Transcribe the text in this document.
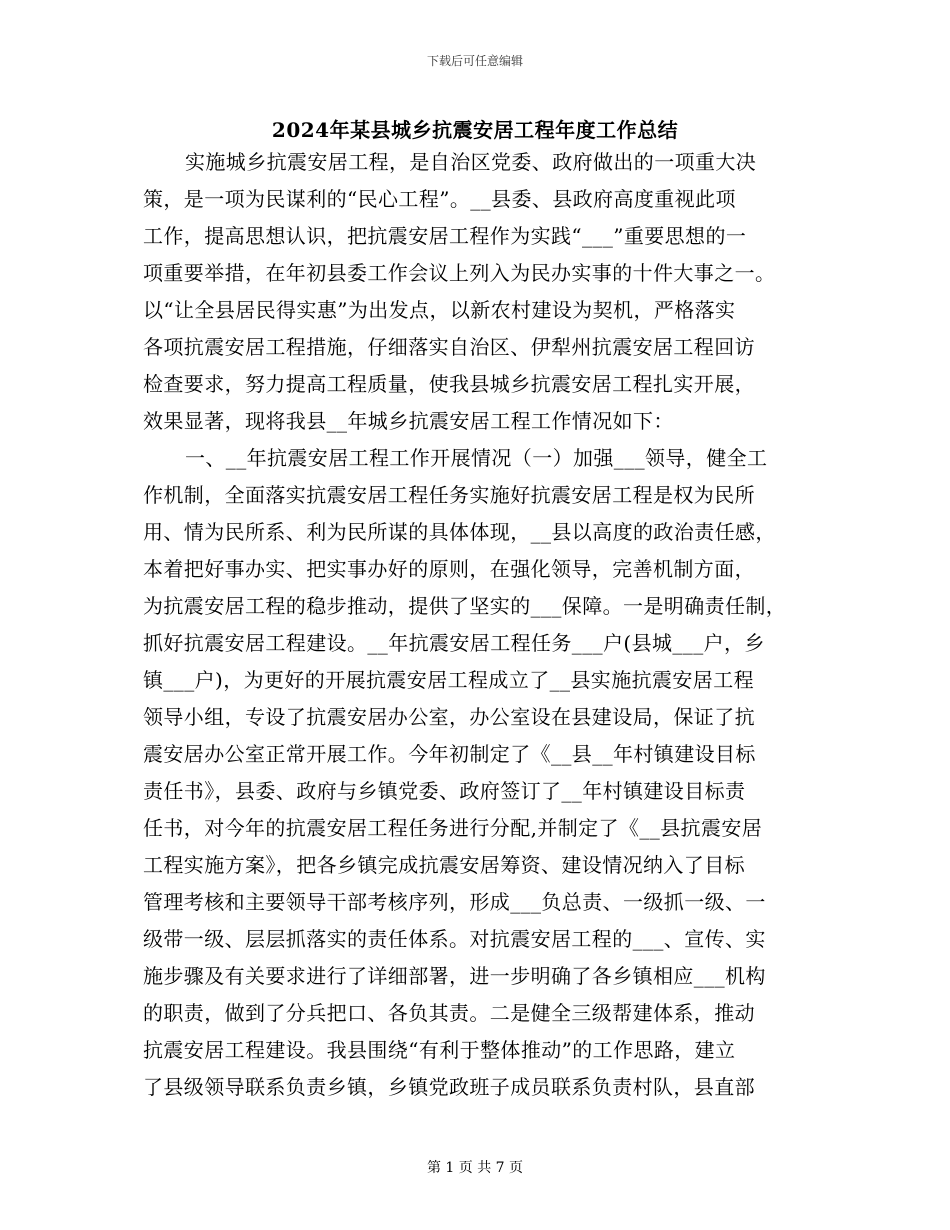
下载后可任意编辑
2024年某县城乡抗震安居工程年度工作总结
实施城乡抗震安居工程，是自治区党委、政府做出的一项重大决
策，是一项为民谋利的“民心工程”。__县委、县政府高度重视此项
工作，提高思想认识，把抗震安居工程作为实践“___”重要思想的一
项重要举措，在年初县委工作会议上列入为民办实事的十件大事之一。
以“让全县居民得实惠”为出发点，以新农村建设为契机，严格落实
各项抗震安居工程措施，仔细落实自治区、伊犁州抗震安居工程回访
检查要求，努力提高工程质量，使我县城乡抗震安居工程扎实开展，
效果显著，现将我县__年城乡抗震安居工程工作情况如下：
一、__年抗震安居工程工作开展情况（一）加强___领导，健全工
作机制，全面落实抗震安居工程任务实施好抗震安居工程是权为民所
用、情为民所系、利为民所谋的具体体现，__县以高度的政治责任感，
本着把好事办实、把实事办好的原则，在强化领导，完善机制方面，
为抗震安居工程的稳步推动，提供了坚实的___保障。一是明确责任制，
抓好抗震安居工程建设。__年抗震安居工程任务___户(县城___户，乡
镇___户)，为更好的开展抗震安居工程成立了__县实施抗震安居工程
领导小组，专设了抗震安居办公室，办公室设在县建设局，保证了抗
震安居办公室正常开展工作。今年初制定了《__县__年村镇建设目标
责任书》，县委、政府与乡镇党委、政府签订了__年村镇建设目标责
任书，对今年的抗震安居工程任务进行分配,并制定了《__县抗震安居
工程实施方案》，把各乡镇完成抗震安居筹资、建设情况纳入了目标
管理考核和主要领导干部考核序列，形成___负总责、一级抓一级、一
级带一级、层层抓落实的责任体系。对抗震安居工程的___、宣传、实
施步骤及有关要求进行了详细部署，进一步明确了各乡镇相应___机构
的职责，做到了分兵把口、各负其责。二是健全三级帮建体系，推动
抗震安居工程建设。我县围绕“有利于整体推动”的工作思路，建立
了县级领导联系负责乡镇，乡镇党政班子成员联系负责村队，县直部
第 1 页 共 7 页
